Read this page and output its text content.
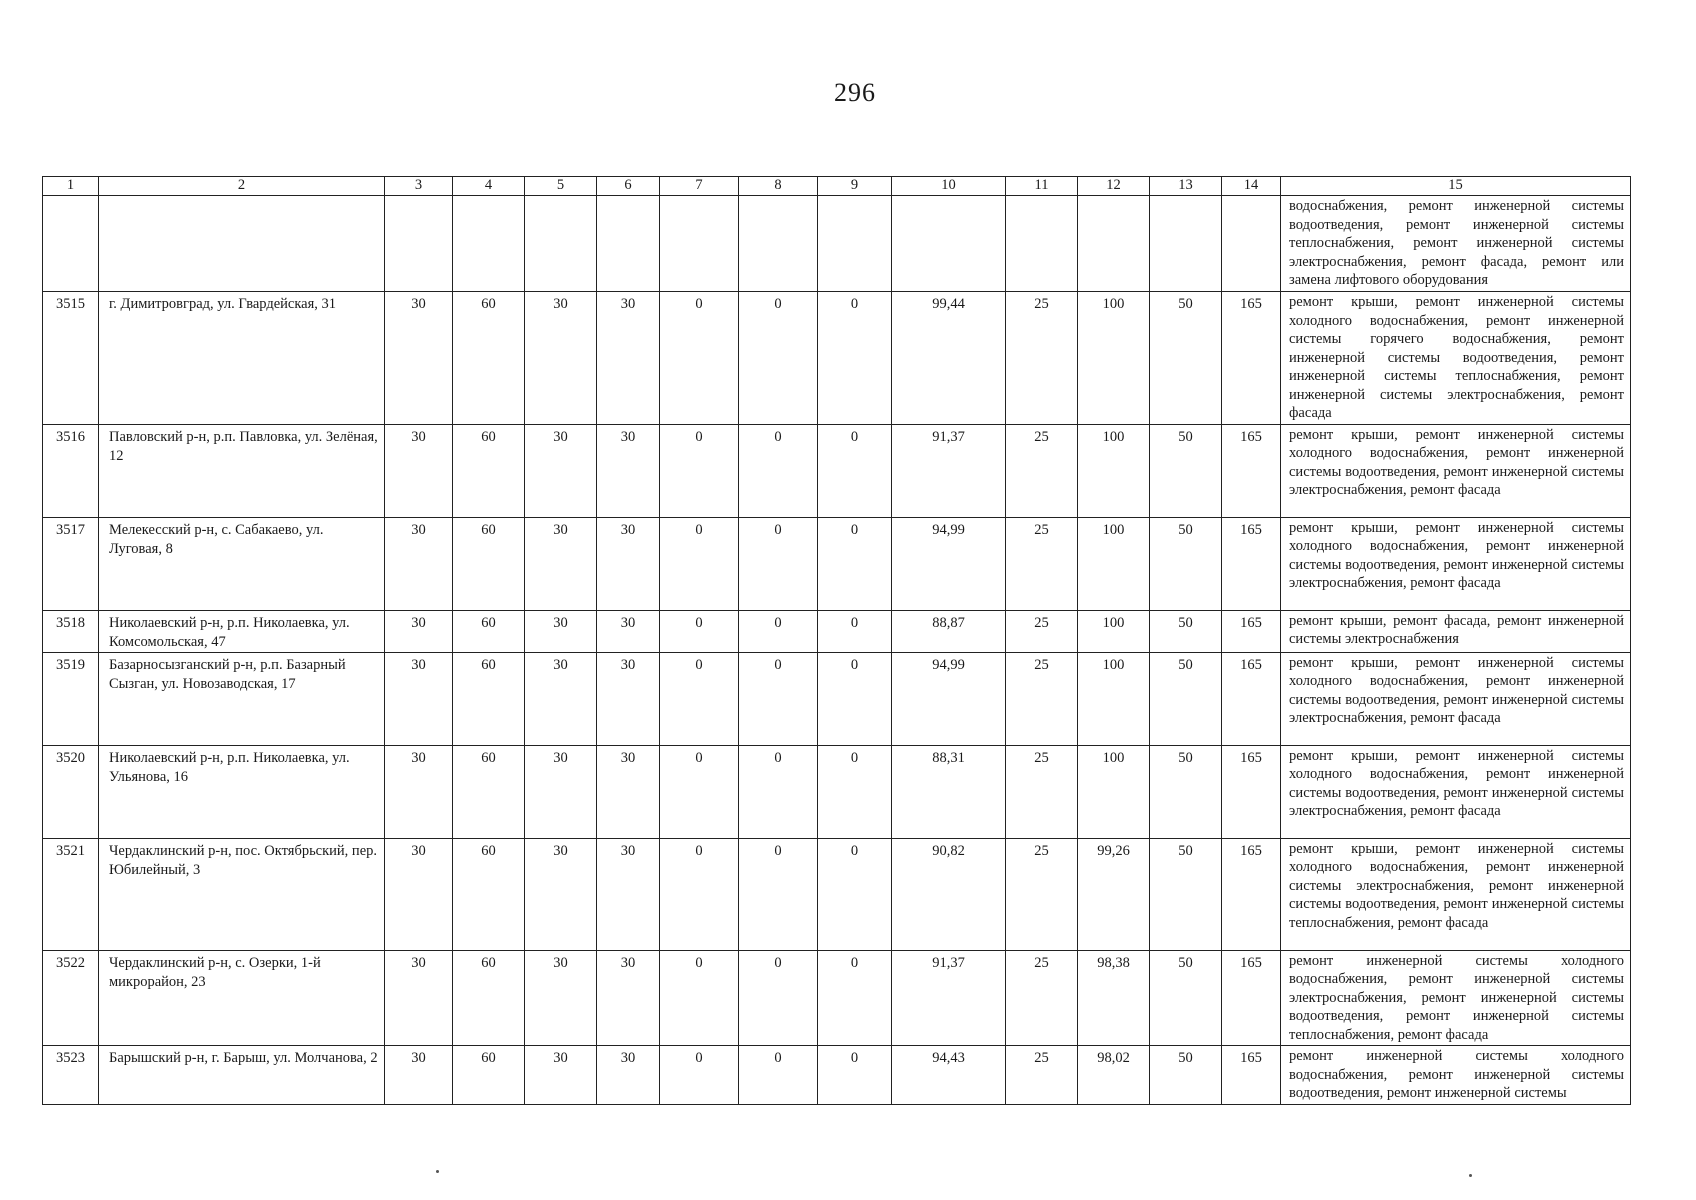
296
1	2	3	4	5	6	7	8	9	10	11	12	13	14	15
														водоснабжения, ремонт инженерной системы водоотведения, ремонт инженерной системы теплоснабжения, ремонт инженерной системы электроснабжения, ремонт фасада, ремонт или замена лифтового оборудования
3515	г. Димитровград, ул. Гвардейская, 31	30	60	30	30	0	0	0	99,44	25	100	50	165	ремонт крыши, ремонт инженерной системы холодного водоснабжения, ремонт инженерной системы горячего водоснабжения, ремонт инженерной системы водоотведения, ремонт инженерной системы теплоснабжения, ремонт инженерной системы электроснабжения, ремонт фасада
3516	Павловский р-н, р.п. Павловка, ул. Зелёная, 12	30	60	30	30	0	0	0	91,37	25	100	50	165	ремонт крыши, ремонт инженерной системы холодного водоснабжения, ремонт инженерной системы водоотведения, ремонт инженерной системы электроснабжения, ремонт фасада
3517	Мелекесский р-н, с. Сабакаево, ул. Луговая, 8	30	60	30	30	0	0	0	94,99	25	100	50	165	ремонт крыши, ремонт инженерной системы холодного водоснабжения, ремонт инженерной системы водоотведения, ремонт инженерной системы электроснабжения, ремонт фасада
3518	Николаевский р-н, р.п. Николаевка, ул. Комсомольская, 47	30	60	30	30	0	0	0	88,87	25	100	50	165	ремонт крыши, ремонт фасада, ремонт инженерной системы электроснабжения
3519	Базарносызганский р-н, р.п. Базарный Сызган, ул. Новозаводская, 17	30	60	30	30	0	0	0	94,99	25	100	50	165	ремонт крыши, ремонт инженерной системы холодного водоснабжения, ремонт инженерной системы водоотведения, ремонт инженерной системы электроснабжения, ремонт фасада
3520	Николаевский р-н, р.п. Николаевка, ул. Ульянова, 16	30	60	30	30	0	0	0	88,31	25	100	50	165	ремонт крыши, ремонт инженерной системы холодного водоснабжения, ремонт инженерной системы водоотведения, ремонт инженерной системы электроснабжения, ремонт фасада
3521	Чердаклинский р-н, пос. Октябрьский, пер. Юбилейный, 3	30	60	30	30	0	0	0	90,82	25	99,26	50	165	ремонт крыши, ремонт инженерной системы холодного водоснабжения, ремонт инженерной системы электроснабжения, ремонт инженерной системы водоотведения, ремонт инженерной системы теплоснабжения, ремонт фасада
3522	Чердаклинский р-н, с. Озерки, 1-й микрорайон, 23	30	60	30	30	0	0	0	91,37	25	98,38	50	165	ремонт инженерной системы холодного водоснабжения, ремонт инженерной системы электроснабжения, ремонт инженерной системы водоотведения, ремонт инженерной системы теплоснабжения, ремонт фасада
3523	Барышский р-н, г. Барыш, ул. Молчанова, 2	30	60	30	30	0	0	0	94,43	25	98,02	50	165	ремонт инженерной системы холодного водоснабжения, ремонт инженерной системы водоотведения, ремонт инженерной системы
